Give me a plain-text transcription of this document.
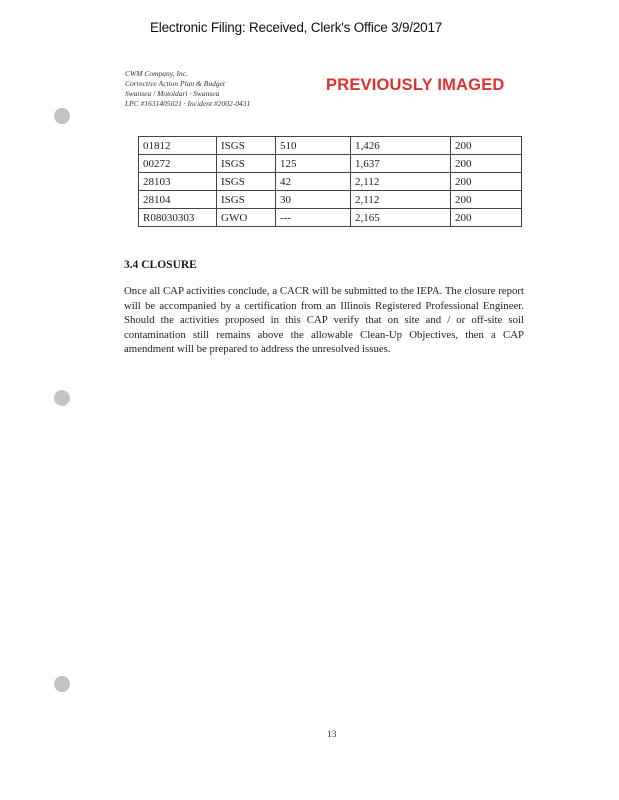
Electronic Filing: Received, Clerk's Office 3/9/2017
CWM Company, Inc.
Corrective Action Plan & Budget
Swansea / Motoldari · Swansea
LPC #1631405021 · Incident #2002-0431
PREVIOUSLY IMAGED
01812	ISGS	510	1,426	200
00272	ISGS	125	1,637	200
28103	ISGS	42	2,112	200
28104	ISGS	30	2,112	200
R08030303	GWO	---	2,165	200
3.4 CLOSURE
Once all CAP activities conclude, a CACR will be submitted to the IEPA. The closure report will be accompanied by a certification from an Illinois Registered Professional Engineer. Should the activities proposed in this CAP verify that on site and / or off-site soil contamination still remains above the allowable Clean-Up Objectives, then a CAP amendment will be prepared to address the unresolved issues.
13
